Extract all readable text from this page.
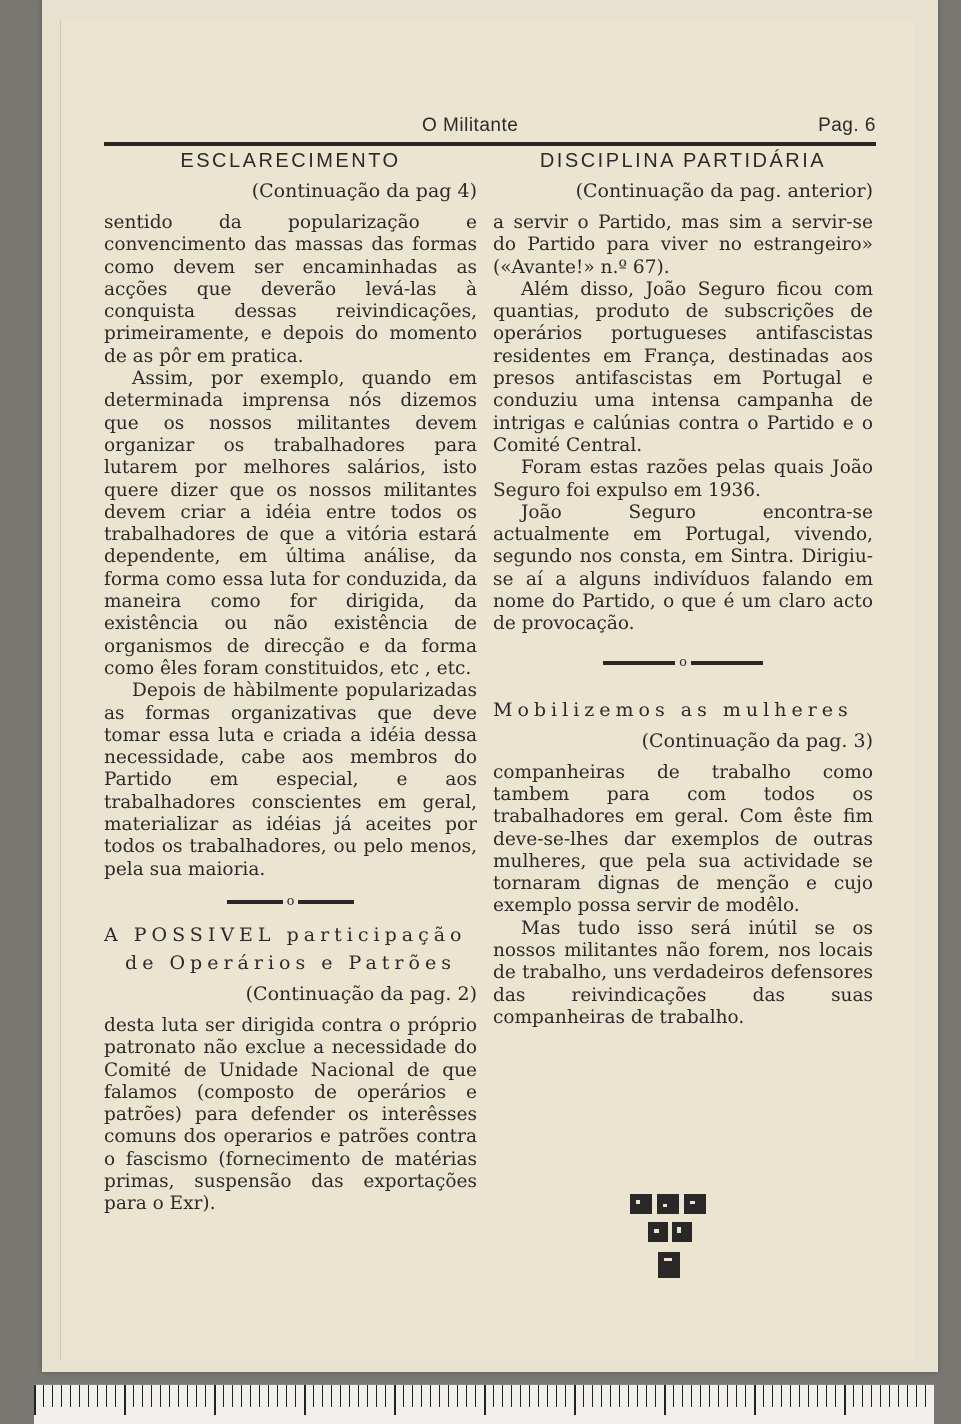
O Militante	Pag. 6
ESCLARECIMENTO
(Continuação da pag 4)

sentido da popularização e convencimento das massas das formas como devem ser encaminhadas as acções que deverão levá-las à conquista dessas reivindicações, primeiramente, e depois do momento de as pôr em pratica.

Assim, por exemplo, quando em determinada imprensa nós dizemos que os nossos militantes devem organizar os trabalhadores para lutarem por melhores salários, isto quere dizer que os nossos militantes devem criar a idéia entre todos os trabalhadores de que a vitória estará dependente, em última análise, da forma como essa luta for conduzida, da maneira como for dirigida, da existência ou não existência de organismos de direcção e da forma como êles foram constituidos, etc , etc.

Depois de hàbilmente popularizadas as formas organizativas que deve tomar essa luta e criada a idéia dessa necessidade, cabe aos membros do Partido em especial, e aos trabalhadores conscientes em geral, materializar as idéias já aceites por todos os trabalhadores, ou pelo menos, pela sua maioria.

o
A POSSIVEL participação
de Operários e Patrões
(Continuação da pag. 2)

desta luta ser dirigida contra o próprio patronato não exclue a necessidade do Comité de Unidade Nacional de que falamos (composto de operários e patrões) para defender os interêsses comuns dos operarios e patrões contra o fascismo (fornecimento de matérias primas, suspensão das exportações para o Exr).

DISCIPLINA PARTIDÁRIA
(Continuação da pag. anterior)

a servir o Partido, mas sim a servir-se do Partido para viver no estrangeiro» («Avante!» n.º 67).

Além disso, João Seguro ficou com quantias, produto de subscrições de operários portugueses antifascistas residentes em França, destinadas aos presos antifascistas em Portugal e conduziu uma intensa campanha de intrigas e calúnias contra o Partido e o Comité Central.

Foram estas razões pelas quais João Seguro foi expulso em 1936.

João Seguro encontra-se actualmente em Portugal, vivendo, segundo nos consta, em Sintra. Dirigiu-se aí a alguns indivíduos falando em nome do Partido, o que é um claro acto de provocação.

o
Mobilizemos as mulheres
(Continuação da pag. 3)

companheiras de trabalho como tambem para com todos os trabalhadores em geral. Com êste fim deve-se-lhes dar exemplos de outras mulheres, que pela sua actividade se tornaram dignas de menção e cujo exemplo possa servir de modêlo.

Mas tudo isso será inútil se os nossos militantes não forem, nos locais de trabalho, uns verdadeiros defensores das reivindicações das suas companheiras de trabalho.
